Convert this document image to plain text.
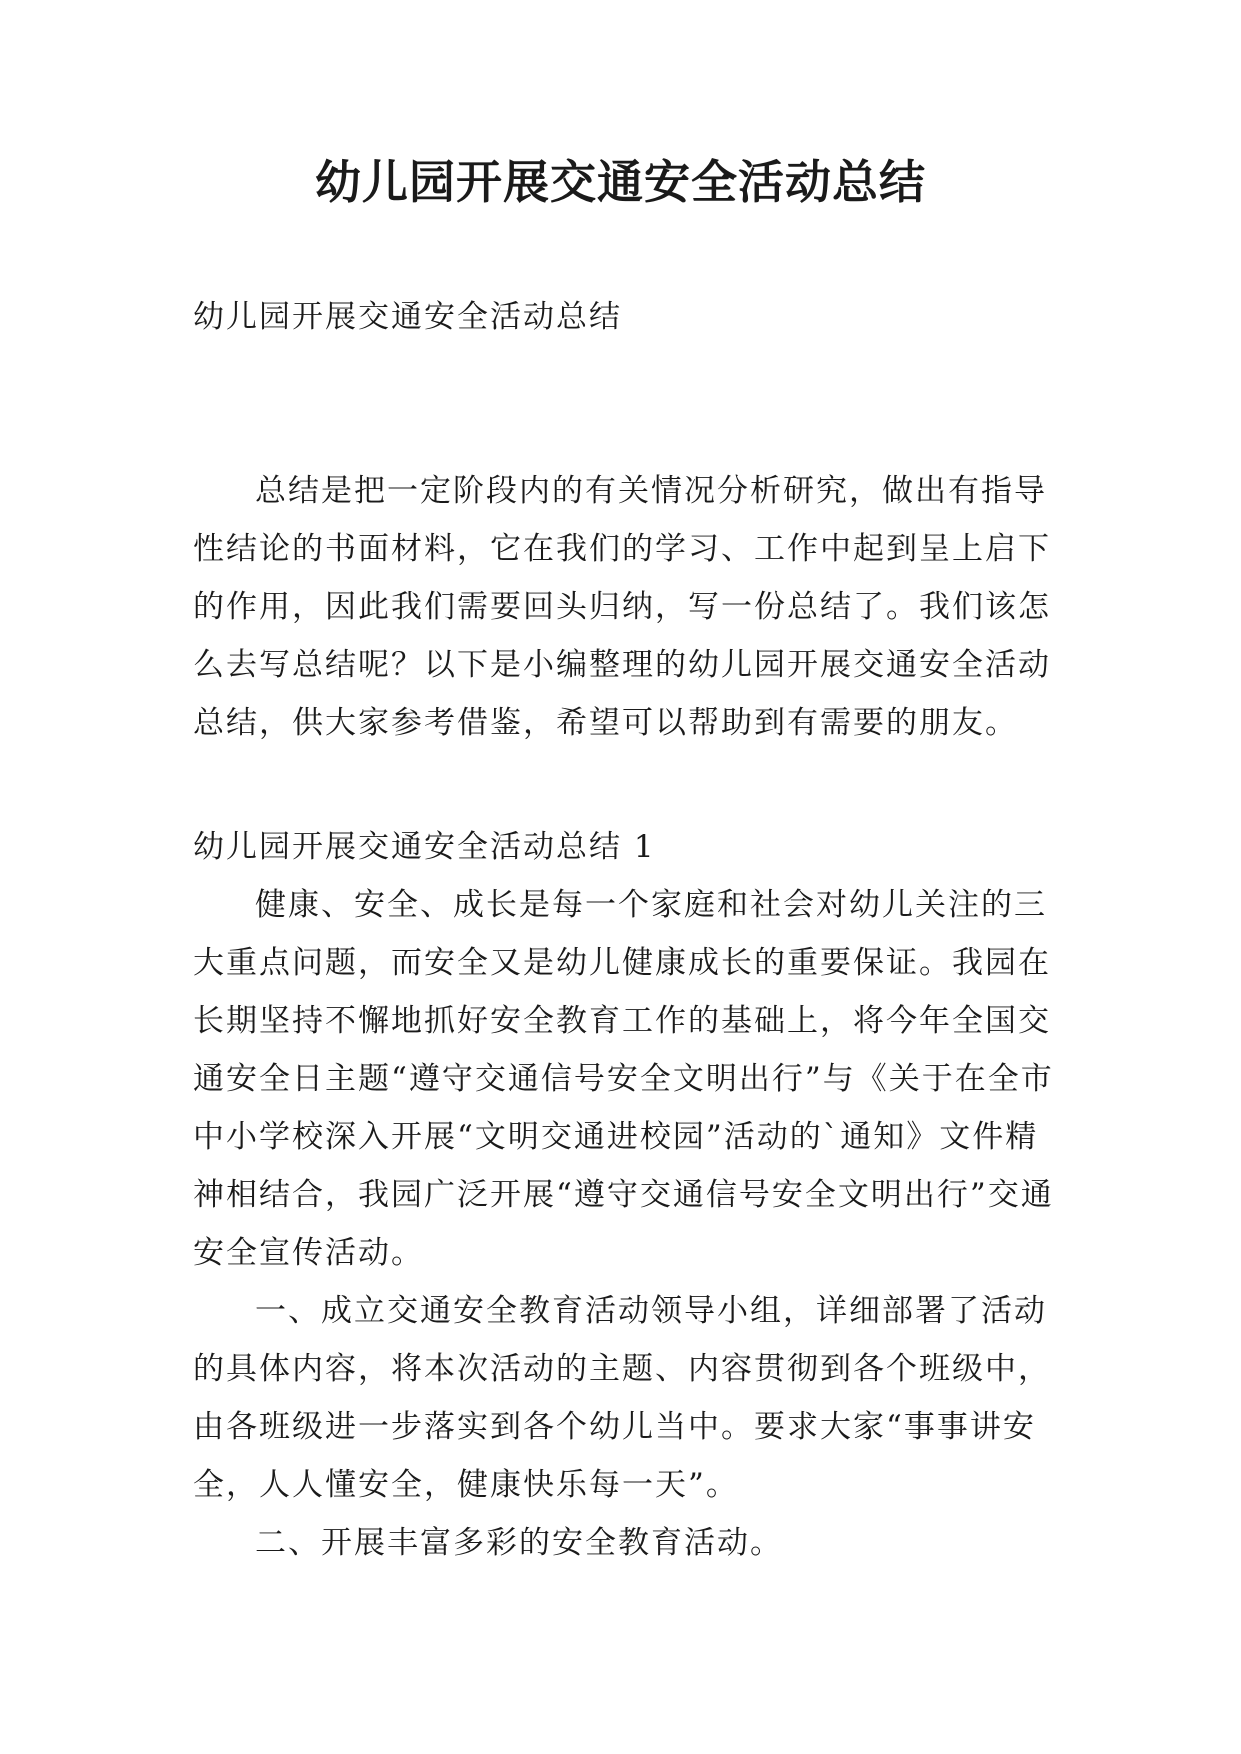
幼儿园开展交通安全活动总结

幼儿园开展交通安全活动总结

总结是把一定阶段内的有关情况分析研究，做出有指导性结论的书面材料，它在我们的学习、工作中起到呈上启下的作用，因此我们需要回头归纳，写一份总结了。我们该怎么去写总结呢？以下是小编整理的幼儿园开展交通安全活动总结，供大家参考借鉴，希望可以帮助到有需要的朋友。

幼儿园开展交通安全活动总结 1

健康、安全、成长是每一个家庭和社会对幼儿关注的三大重点问题，而安全又是幼儿健康成长的重要保证。我园在长期坚持不懈地抓好安全教育工作的基础上，将今年全国交通安全日主题“遵守交通信号安全文明出行”与《关于在全市中小学校深入开展“文明交通进校园”活动的`通知》文件精神相结合，我园广泛开展“遵守交通信号安全文明出行”交通安全宣传活动。

一、成立交通安全教育活动领导小组，详细部署了活动的具体内容，将本次活动的主题、内容贯彻到各个班级中，由各班级进一步落实到各个幼儿当中。要求大家“事事讲安全，人人懂安全，健康快乐每一天”。

二、开展丰富多彩的安全教育活动。
